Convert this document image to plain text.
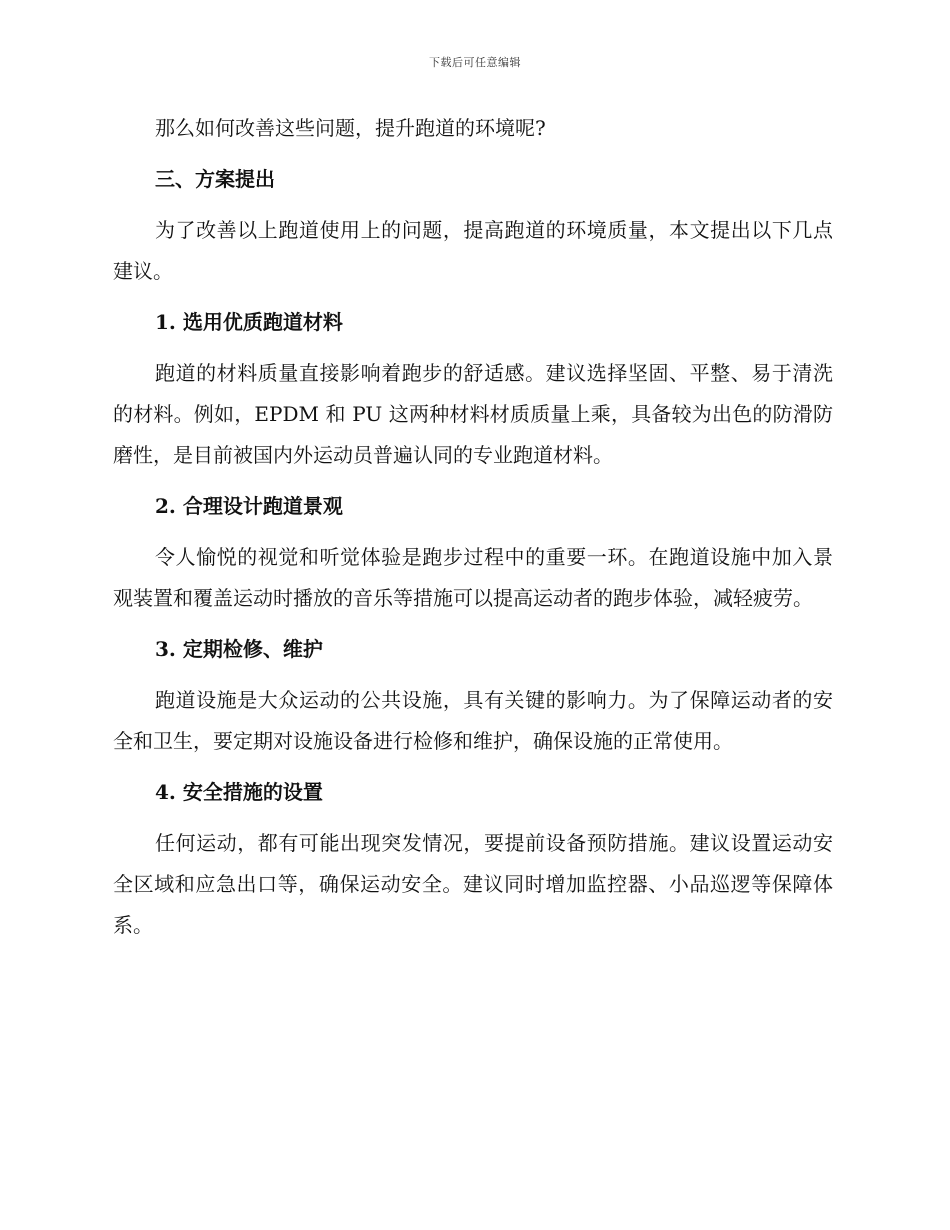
下载后可任意编辑

那么如何改善这些问题，提升跑道的环境呢?

三、方案提出

为了改善以上跑道使用上的问题，提高跑道的环境质量，本文提出以下几点建议。

1. 选用优质跑道材料

跑道的材料质量直接影响着跑步的舒适感。建议选择坚固、平整、易于清洗的材料。例如，EPDM 和 PU 这两种材料材质质量上乘，具备较为出色的防滑防磨性，是目前被国内外运动员普遍认同的专业跑道材料。

2. 合理设计跑道景观

令人愉悦的视觉和听觉体验是跑步过程中的重要一环。在跑道设施中加入景观装置和覆盖运动时播放的音乐等措施可以提高运动者的跑步体验，减轻疲劳。

3. 定期检修、维护

跑道设施是大众运动的公共设施，具有关键的影响力。为了保障运动者的安全和卫生，要定期对设施设备进行检修和维护，确保设施的正常使用。

4. 安全措施的设置

任何运动，都有可能出现突发情况，要提前设备预防措施。建议设置运动安全区域和应急出口等，确保运动安全。建议同时增加监控器、小品巡逻等保障体系。
